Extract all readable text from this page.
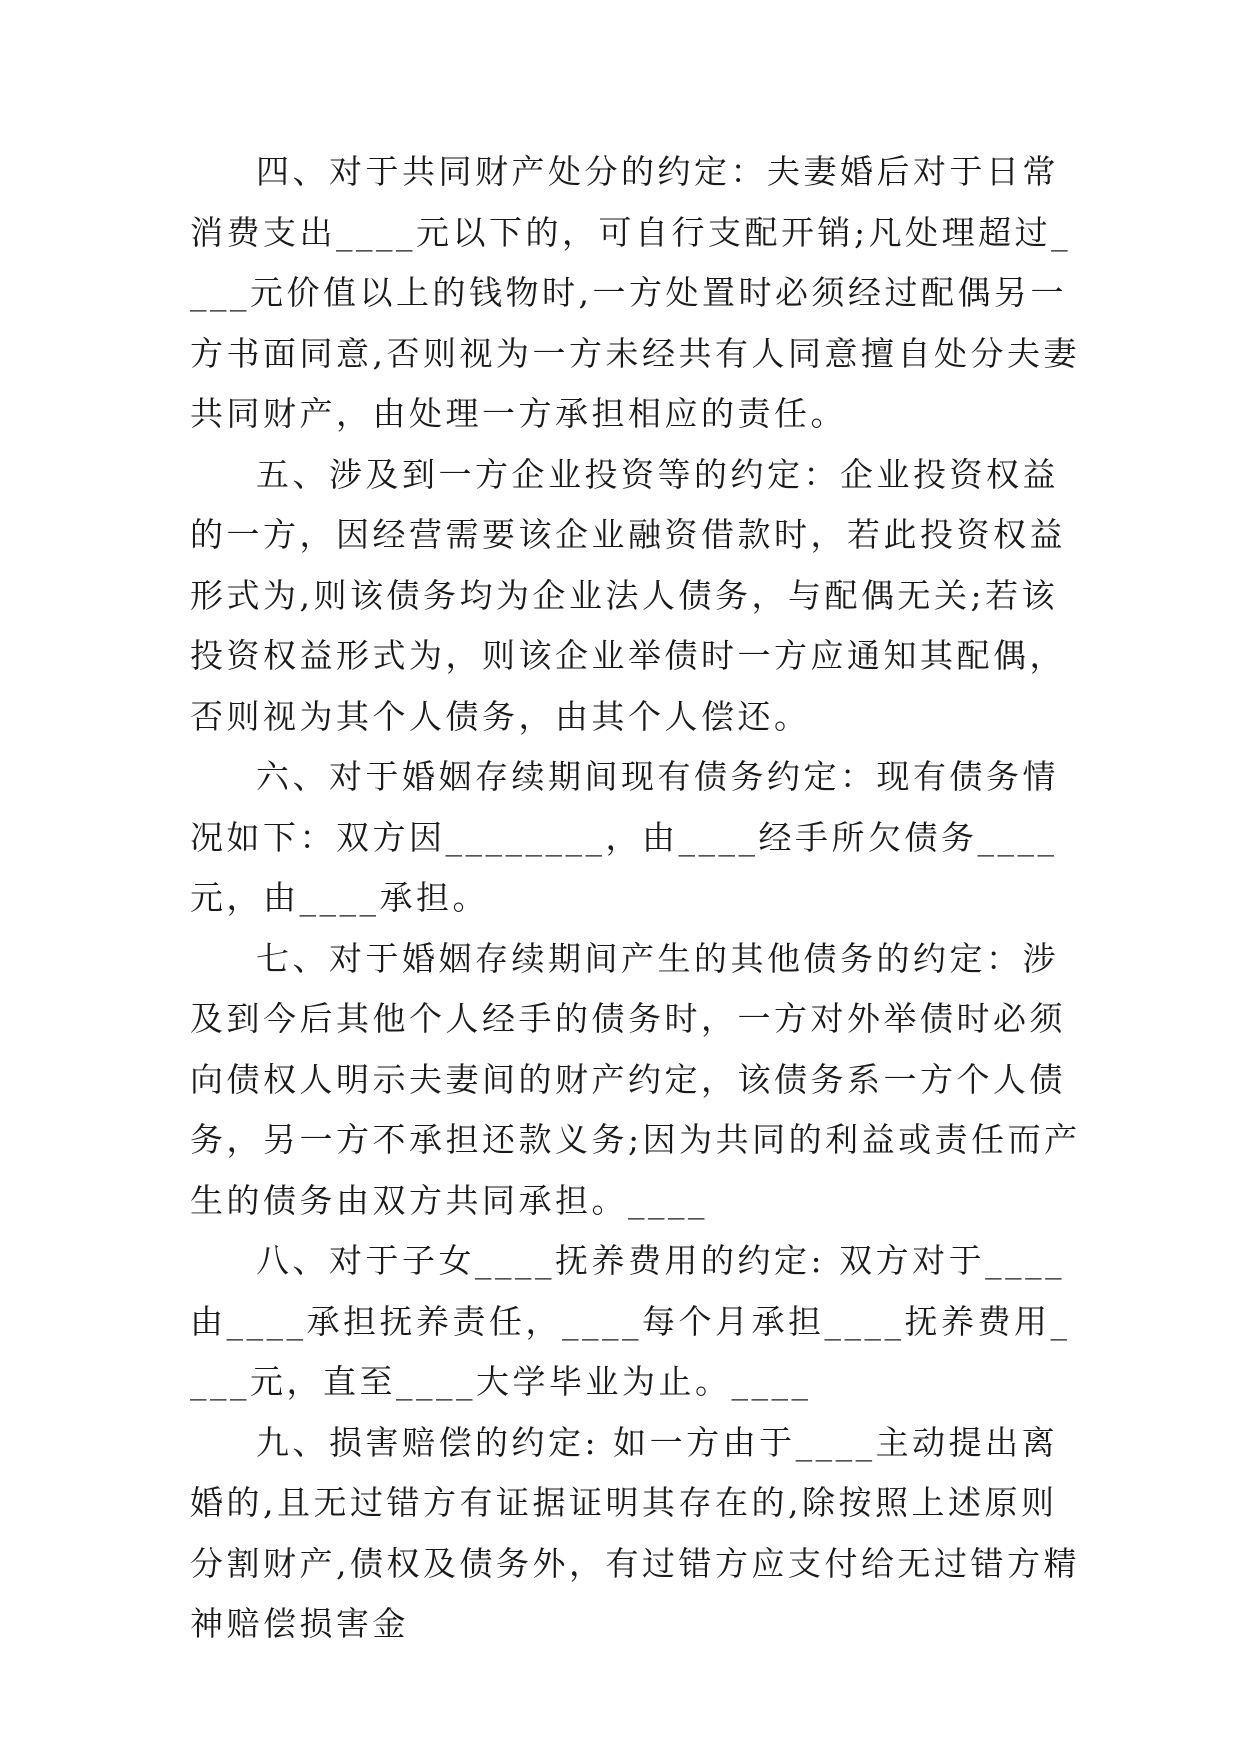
四、对于共同财产处分的约定：夫妻婚后对于日常消费支出____元以下的，可自行支配开销;凡处理超过____元价值以上的钱物时,一方处置时必须经过配偶另一方书面同意,否则视为一方未经共有人同意擅自处分夫妻共同财产，由处理一方承担相应的责任。

五、涉及到一方企业投资等的约定：企业投资权益的一方，因经营需要该企业融资借款时，若此投资权益形式为,则该债务均为企业法人债务，与配偶无关;若该投资权益形式为，则该企业举债时一方应通知其配偶，否则视为其个人债务，由其个人偿还。

六、对于婚姻存续期间现有债务约定：现有债务情况如下：双方因________，由____经手所欠债务____元，由____承担。

七、对于婚姻存续期间产生的其他债务的约定：涉及到今后其他个人经手的债务时，一方对外举债时必须向债权人明示夫妻间的财产约定，该债务系一方个人债务，另一方不承担还款义务;因为共同的利益或责任而产生的债务由双方共同承担。____

八、对于子女____抚养费用的约定: 双方对于____由____承担抚养责任，____每个月承担____抚养费用____元，直至____大学毕业为止。____

九、损害赔偿的约定: 如一方由于____主动提出离婚的,且无过错方有证据证明其存在的,除按照上述原则分割财产,债权及债务外，有过错方应支付给无过错方精神赔偿损害金
